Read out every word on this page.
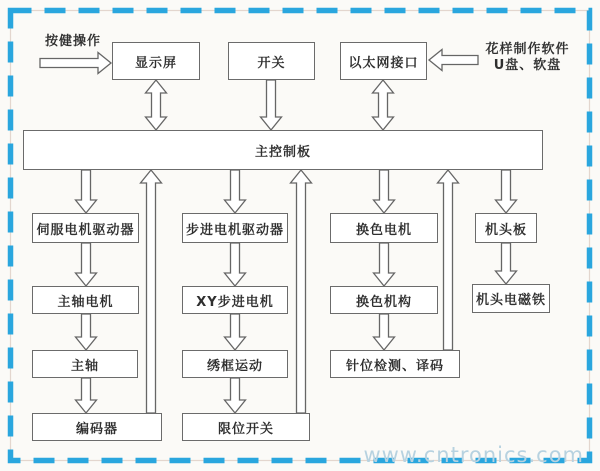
按健操作
花样制作软件
U盘、软盘
显示屏	开关	以太网接口
主控制板
伺服电机驱动器	步进电机驱动器	换色电机	机头板
主轴电机	XY步进电机	换色机构	机头电磁铁
主轴	绣框运动	针位检测、译码
编码器	限位开关
www.cntronics.com
